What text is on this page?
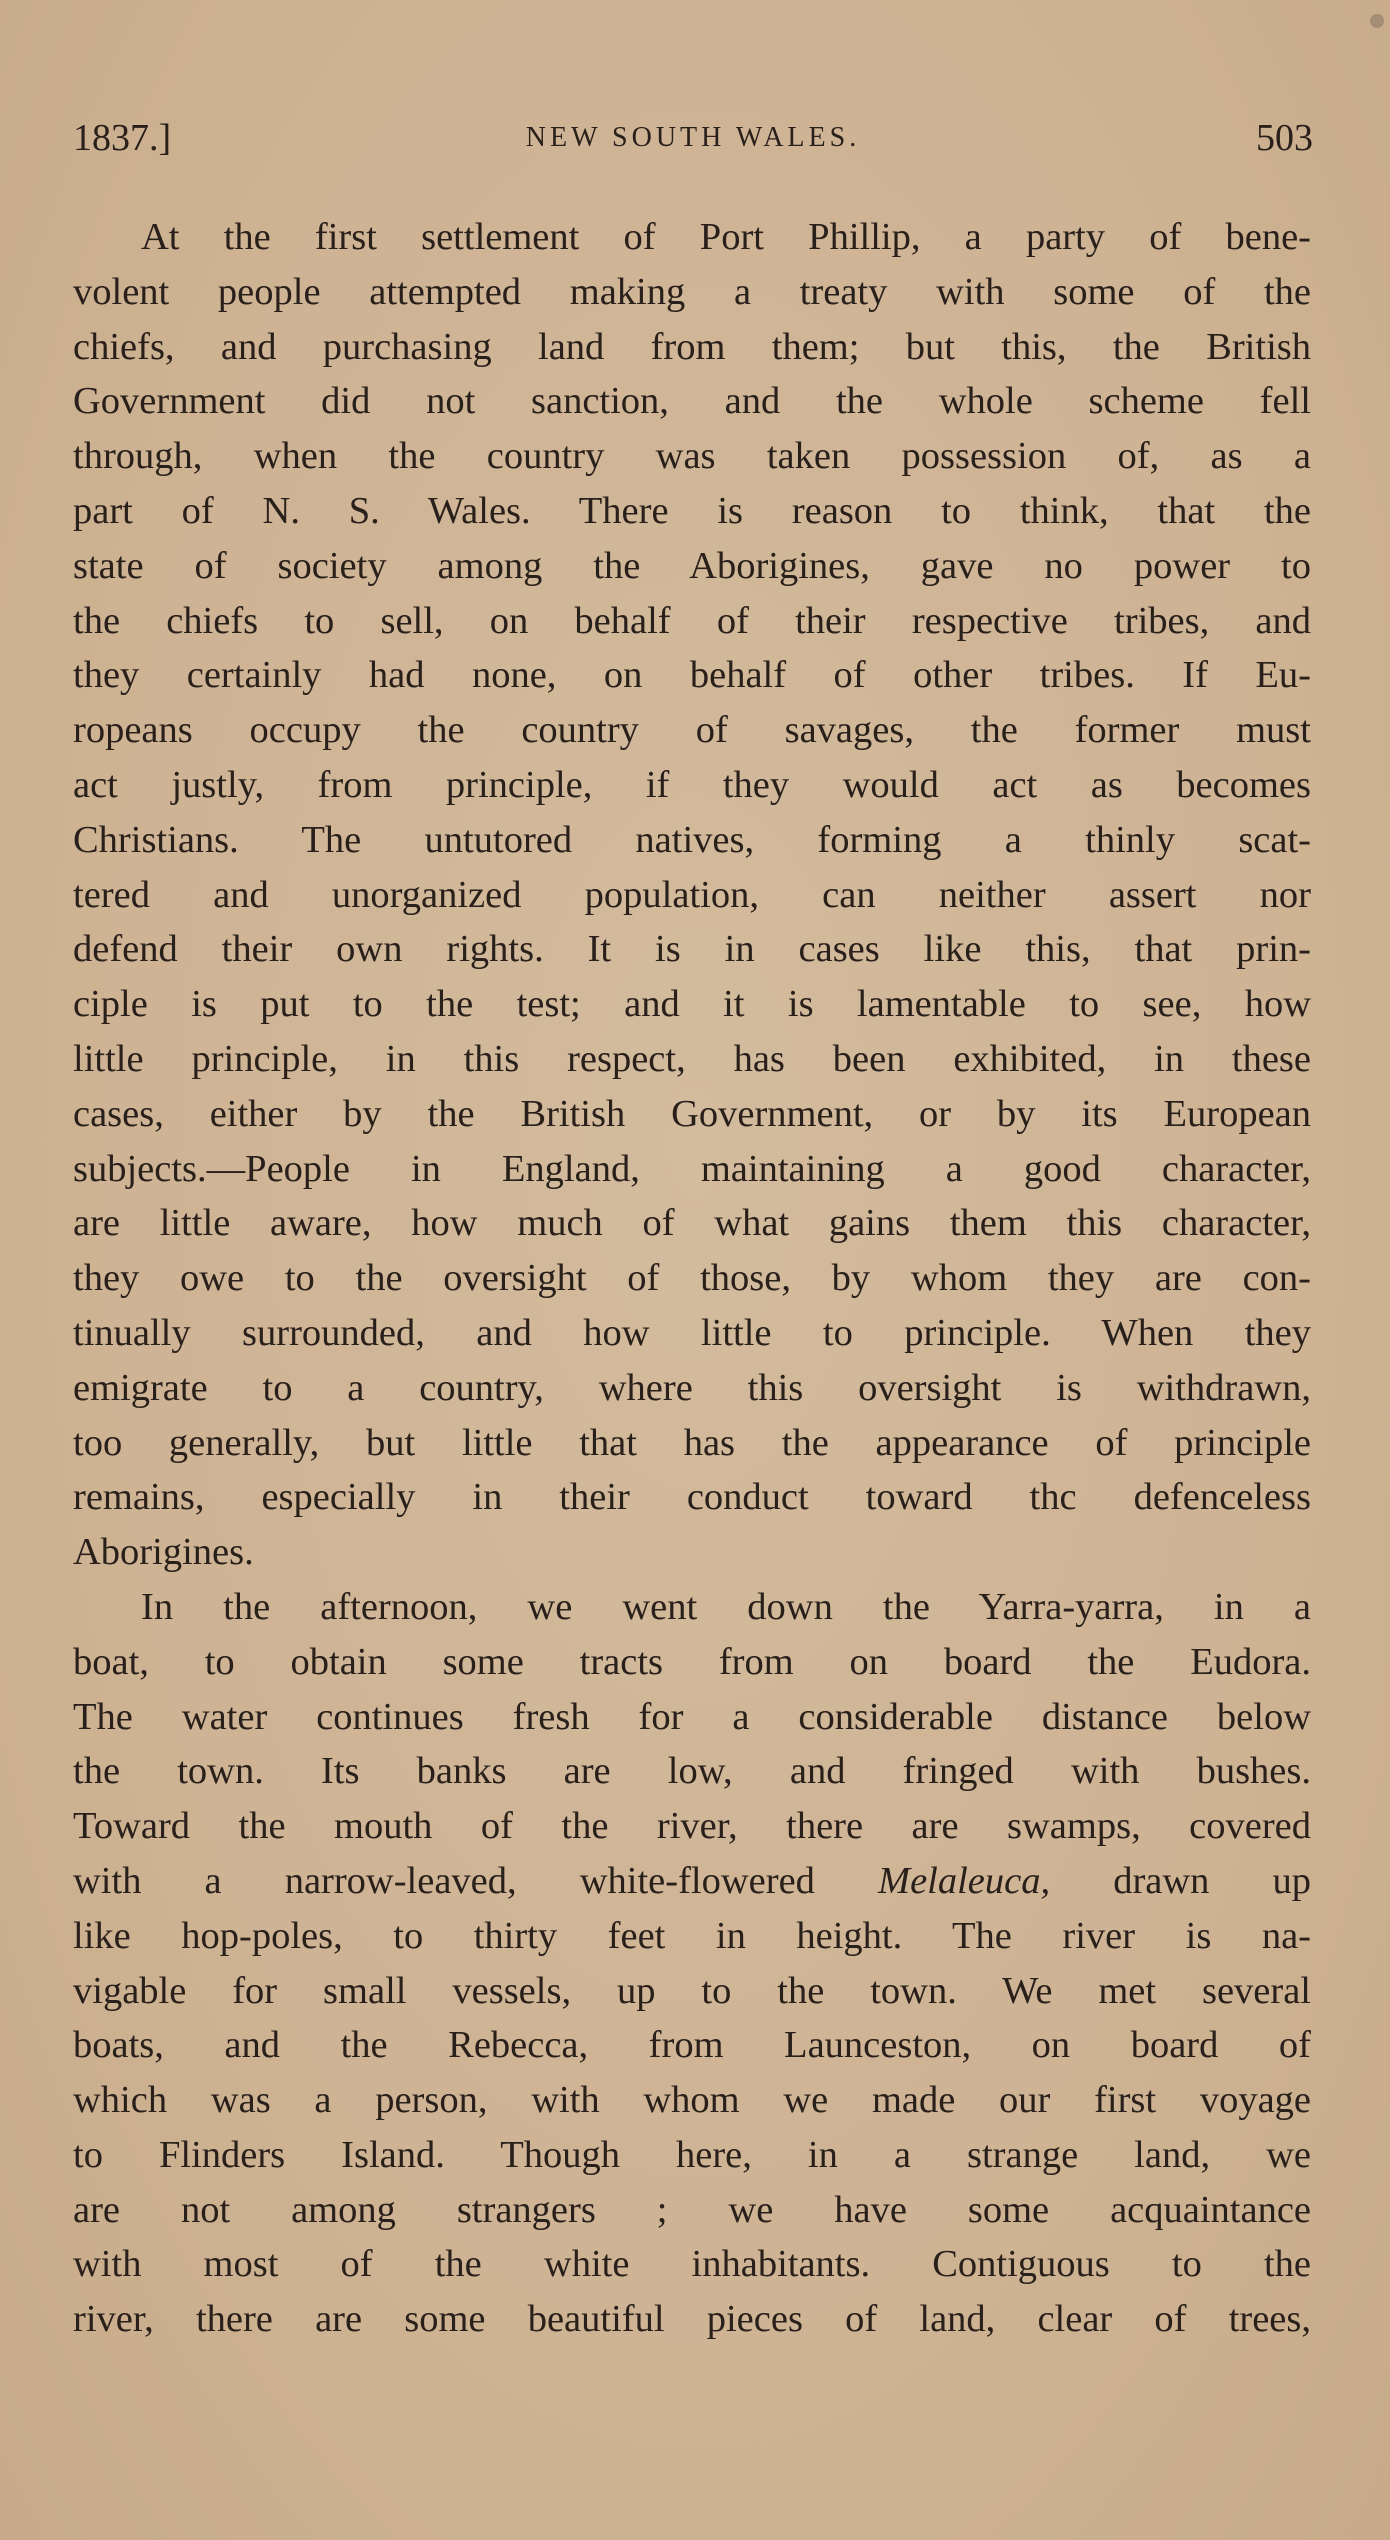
1837.]	NEW SOUTH WALES.	503
At the first settlement of Port Phillip, a party of bene-
volent people attempted making a treaty with some of the
chiefs, and purchasing land from them; but this, the British
Government did not sanction, and the whole scheme fell
through, when the country was taken possession of, as a
part of N. S. Wales. There is reason to think, that the
state of society among the Aborigines, gave no power to
the chiefs to sell, on behalf of their respective tribes, and
they certainly had none, on behalf of other tribes. If Eu-
ropeans occupy the country of savages, the former must
act justly, from principle, if they would act as becomes
Christians. The untutored natives, forming a thinly scat-
tered and unorganized population, can neither assert nor
defend their own rights. It is in cases like this, that prin-
ciple is put to the test; and it is lamentable to see, how
little principle, in this respect, has been exhibited, in these
cases, either by the British Government, or by its European
subjects.—People in England, maintaining a good character,
are little aware, how much of what gains them this character,
they owe to the oversight of those, by whom they are con-
tinually surrounded, and how little to principle. When they
emigrate to a country, where this oversight is withdrawn,
too generally, but little that has the appearance of principle
remains, especially in their conduct toward thc defenceless
Aborigines.
In the afternoon, we went down the Yarra-yarra, in a
boat, to obtain some tracts from on board the Eudora.
The water continues fresh for a considerable distance below
the town. Its banks are low, and fringed with bushes.
Toward the mouth of the river, there are swamps, covered
with a narrow-leaved, white-flowered Melaleuca, drawn up
like hop-poles, to thirty feet in height. The river is na-
vigable for small vessels, up to the town. We met several
boats, and the Rebecca, from Launceston, on board of
which was a person, with whom we made our first voyage
to Flinders Island. Though here, in a strange land, we
are not among strangers ; we have some acquaintance
with most of the white inhabitants. Contiguous to the
river, there are some beautiful pieces of land, clear of trees,
